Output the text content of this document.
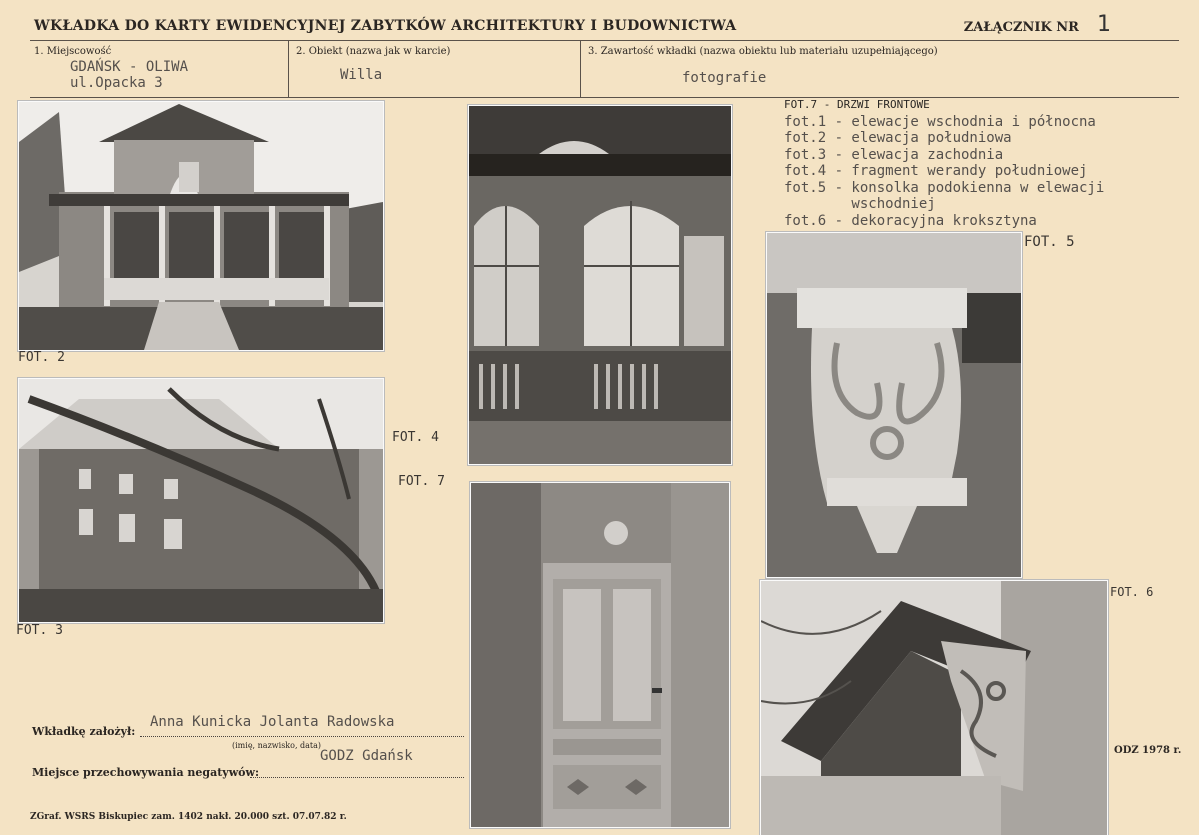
WKŁADKA DO KARTY EWIDENCYJNEJ ZABYTKÓW ARCHITEKTURY I BUDOWNICTWA	ZAŁĄCZNIK NR 1
1. Miejscowość
GDAŃSK - OLIWA
ul.Opacka 3
2. Obiekt (nazwa jak w karcie)
Willa
3. Zawartość wkładki (nazwa obiektu lub materiału uzupełniającego)
fotografie
FOT. 2
FOT. 3
FOT. 4
FOT. 7
FOT.7 - DRZWI FRONTOWE
fot.1 - elewacje wschodnia i północna
fot.2 - elewacja południowa
fot.3 - elewacja zachodnia
fot.4 - fragment werandy południowej
fot.5 - konsolka podokienna w elewacji
wschodniej
fot.6 - dekoracyjna kroksztyna
FOT. 5
FOT. 6
Wkładkę założył:
Anna Kunicka Jolanta Radowska
(imię, nazwisko, data)
Miejsce przechowywania negatywów:
GODZ Gdańsk	ODZ 1978 r.
ZGraf. WSRS Biskupiec zam. 1402 nakł. 20.000 szt. 07.07.82 r.
